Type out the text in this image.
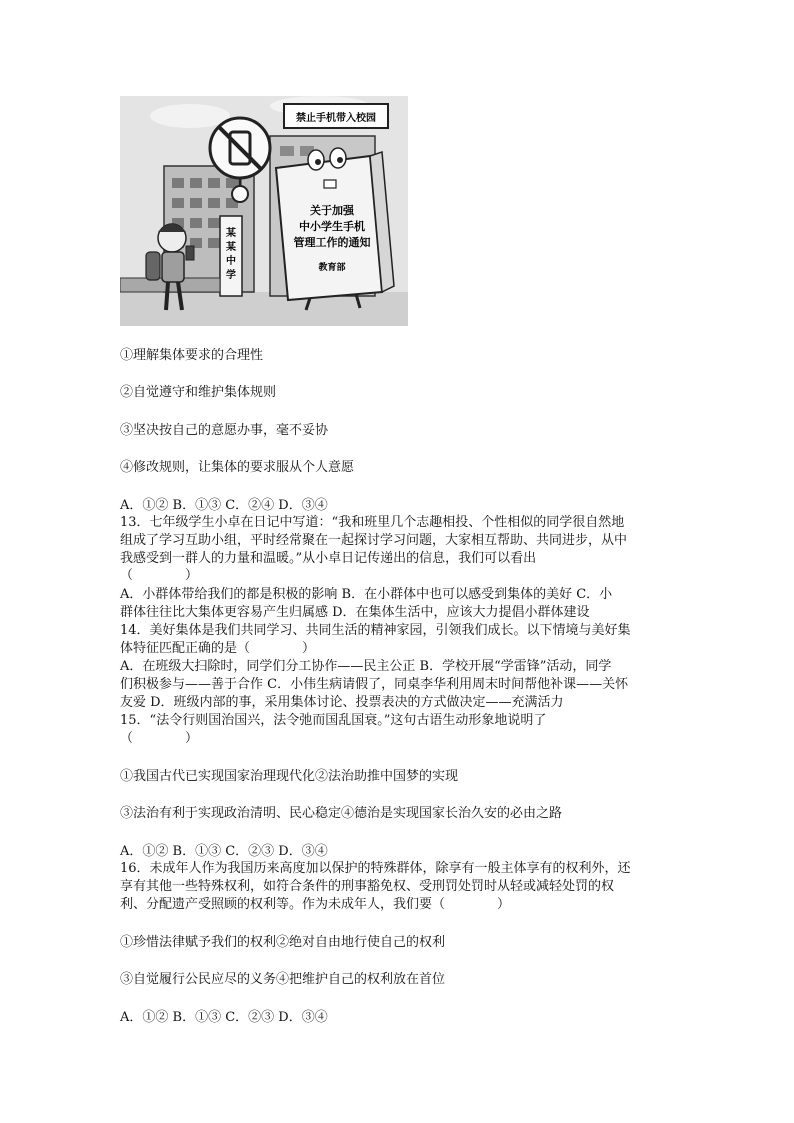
某
某
中
学
禁止手机带入校园
关于加强
中小学生手机
管理工作的通知
教育部
①理解集体要求的合理性
②自觉遵守和维护集体规则
③坚决按自己的意愿办事，毫不妥协
④修改规则，让集体的要求服从个人意愿
A．①② B．①③ C．②④ D．③④
13．七年级学生小卓在日记中写道：“我和班里几个志趣相投、个性相似的同学很自然地
组成了学习互助小组，平时经常聚在一起探讨学习问题，大家相互帮助、共同进步，从中
我感受到一群人的力量和温暖。”从小卓日记传递出的信息，我们可以看出
（　　　　）
A．小群体带给我们的都是积极的影响 B．在小群体中也可以感受到集体的美好 C．小
群体往往比大集体更容易产生归属感 D．在集体生活中，应该大力提倡小群体建设
14．美好集体是我们共同学习、共同生活的精神家园，引领我们成长。以下情境与美好集
体特征匹配正确的是（　　　　）
A．在班级大扫除时，同学们分工协作——民主公正 B．学校开展“学雷锋”活动，同学
们积极参与——善于合作 C．小伟生病请假了，同桌李华利用周末时间帮他补课——关怀
友爱 D．班级内部的事，采用集体讨论、投票表决的方式做决定——充满活力
15．“法令行则国治国兴，法令弛而国乱国衰。”这句古语生动形象地说明了
（　　　　）
①我国古代已实现国家治理现代化②法治助推中国梦的实现
③法治有利于实现政治清明、民心稳定④德治是实现国家长治久安的必由之路
A．①② B．①③ C．②③ D．③④
16．未成年人作为我国历来高度加以保护的特殊群体，除享有一般主体享有的权利外，还
享有其他一些特殊权利，如符合条件的刑事豁免权、受刑罚处罚时从轻或减轻处罚的权
利、分配遗产受照顾的权利等。作为未成年人，我们要（　　　　）
①珍惜法律赋予我们的权利②绝对自由地行使自己的权利
③自觉履行公民应尽的义务④把维护自己的权利放在首位
A．①② B．①③ C．②③ D．③④
